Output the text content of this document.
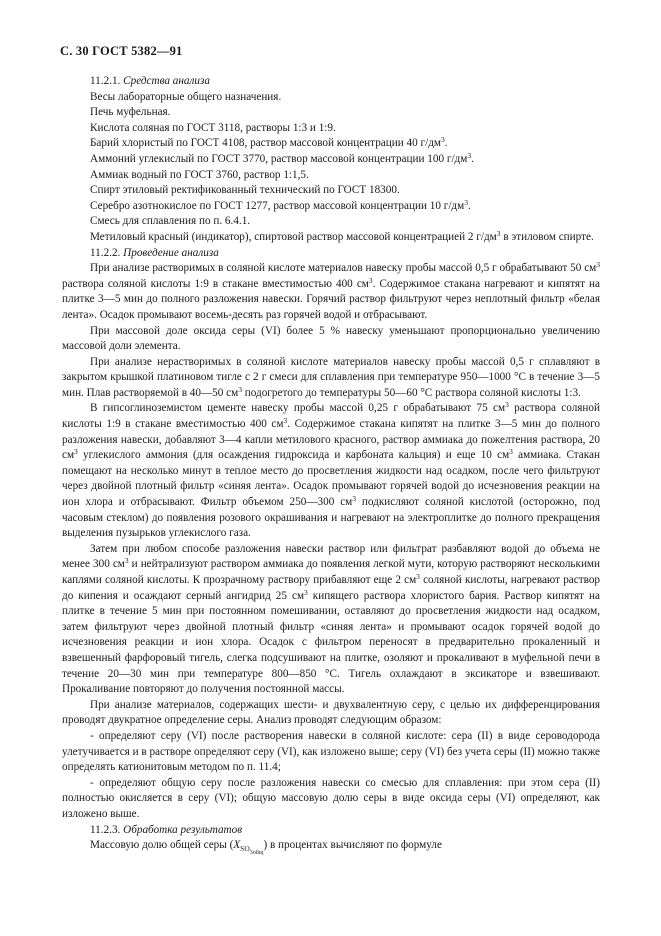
С. 30 ГОСТ 5382—91

11.2.1. Средства анализа

Весы лабораторные общего назначения.

Печь муфельная.

Кислота соляная по ГОСТ 3118, растворы 1:3 и 1:9.

Барий хлористый по ГОСТ 4108, раствор массовой концентрации 40 $г/дм^3$.

Аммоний углекислый по ГОСТ 3770, раствор массовой концентрации 100 $г/дм^3$.

Аммиак водный по ГОСТ 3760, раствор 1:1,5.

Спирт этиловый ректификованный технический по ГОСТ 18300.

Серебро азотнокислое по ГОСТ 1277, раствор массовой концентрации 10 $г/дм^3$.

Смесь для сплавления по п. 6.4.1.

Метиловый красный (индикатор), спиртовой раствор массовой концентрацией 2 $г/дм^3$ в этиловом спирте.

11.2.2. Проведение анализа

При анализе растворимых в соляной кислоте материалов навеску пробы массой 0,5 г обрабатывают 50 $см^3$ раствора соляной кислоты 1:9 в стакане вместимостью 400 $см^3$. Содержимое стакана нагревают и кипятят на плитке 3—5 мин до полного разложения навески. Горячий раствор фильтруют через неплотный фильтр «белая лента». Осадок промывают восемь-десять раз горячей водой и отбрасывают.

При массовой доле оксида серы (VI) более 5 % навеску уменьшают пропорционально увеличению массовой доли элемента.

При анализе нерастворимых в соляной кислоте материалов навеску пробы массой 0,5 г сплавляют в закрытом крышкой платиновом тигле с 2 г смеси для сплавления при температуре 950—1000 °С в течение 3—5 мин. Плав растворяемой в 40—50 $см^3$ подогретого до температуры 50—60 °С раствора соляной кислоты 1:3.

В гипсоглиноземистом цементе навеску пробы массой 0,25 г обрабатывают 75 $см^3$ раствора соляной кислоты 1:9 в стакане вместимостью 400 $см^3$. Содержимое стакана кипятят на плитке 3—5 мин до полного разложения навески, добавляют 3—4 капли метилового красного, раствор аммиака до пожелтения раствора, 20 $см^3$ углекислого аммония (для осаждения гидроксида и карбоната кальция) и еще 10 $см^3$ аммиака. Стакан помещают на несколько минут в теплое место до просветления жидкости над осадком, после чего фильтруют через двойной плотный фильтр «синяя лента». Осадок промывают горячей водой до исчезновения реакции на ион хлора и отбрасывают. Фильтр объемом 250—300 $см^3$ подкисляют соляной кислотой (осторожно, под часовым стеклом) до появления розового окрашивания и нагревают на электроплитке до полного прекращения выделения пузырьков углекислого газа.

Затем при любом способе разложения навески раствор или фильтрат разбавляют водой до объема не менее 300 $см^3$ и нейтрализуют раствором аммиака до появления легкой мути, которую растворяют несколькими каплями соляной кислоты. К прозрачному раствору прибавляют еще 2 $см^3$ соляной кислоты, нагревают раствор до кипения и осаждают серный ангидрид 25 $см^3$ кипящего раствора хлористого бария. Раствор кипятят на плитке в течение 5 мин при постоянном помешивании, оставляют до просветления жидкости над осадком, затем фильтруют через двойной плотный фильтр «синяя лента» и промывают осадок горячей водой до исчезновения реакции и ион хлора. Осадок с фильтром переносят в предварительно прокаленный и взвешенный фарфоровый тигель, слегка подсушивают на плитке, озоляют и прокаливают в муфельной печи в течение 20—30 мин при температуре 800—850 °С. Тигель охлаждают в эксикаторе и взвешивают. Прокаливание повторяют до получения постоянной массы.

При анализе материалов, содержащих шести- и двухвалентную серу, с целью их дифференцирования проводят двукратное определение серы. Анализ проводят следующим образом:

- определяют серу (VI) после растворения навески в соляной кислоте: сера (II) в виде сероводорода улетучивается и в растворе определяют серу (VI), как изложено выше; серу (VI) без учета серы (II) можно также определять катионитовым методом по п. 11.4;

- определяют общую серу после разложения навески со смесью для сплавления: при этом сера (II) полностью окисляется в серу (VI); общую массовую долю серы в виде оксида серы (VI) определяют, как изложено выше.

11.2.3. Обработка результатов

Массовую долю общей серы $(X_{SO3общ})$ в процентах вычисляют по формуле
